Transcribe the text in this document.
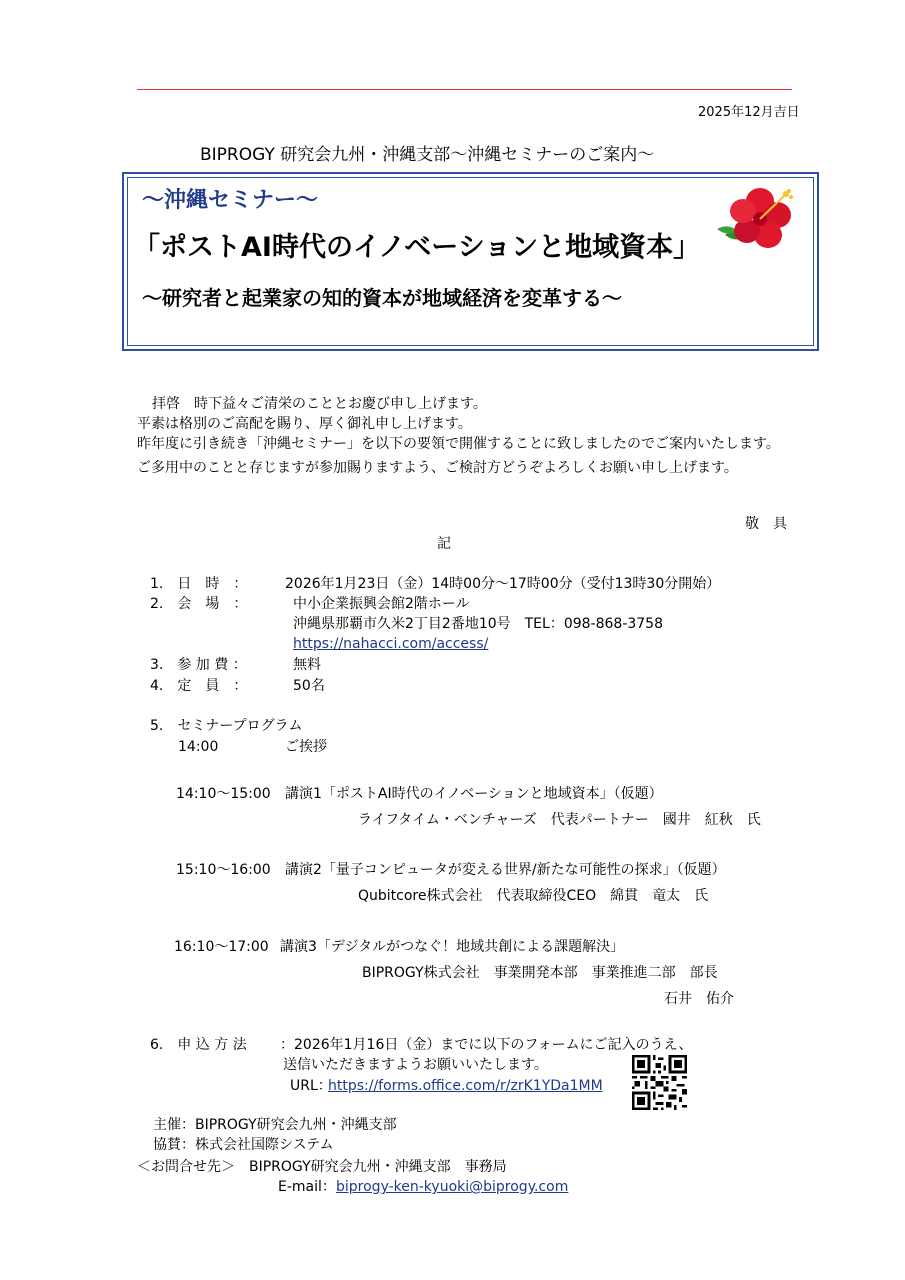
2025年12月吉日
BIPROGY 研究会九州・沖縄支部～沖縄セミナーのご案内～
～沖縄セミナー～
「ポストAI時代のイノベーションと地域資本」
～研究者と起業家の知的資本が地域経済を変革する～
拝啓　時下益々ご清栄のこととお慶び申し上げます。
平素は格別のご高配を賜り、厚く御礼申し上げます。
昨年度に引き続き「沖縄セミナー」を以下の要領で開催することに致しましたのでご案内いたします。
ご多用中のことと存じますが参加賜りますよう、ご検討方どうぞよろしくお願い申し上げます。
敬　具
記
1.　日　時　：	2026年1月23日（金）14時00分～17時00分（受付13時30分開始）
2.　会　場　：	中小企業振興会館2階ホール
沖縄県那覇市久米2丁目2番地10号　TEL：098-868-3758
https://nahacci.com/access/
3.　参 加 費 ：	無料
4.　定　員　：	50名
5.　セミナープログラム
14:00	ご挨拶
14:10～15:00 講演1「ポストAI時代のイノベーションと地域資本」（仮題）
ライフタイム・ベンチャーズ　代表パートナー　國井　紅秋　氏
15:10～16:00 講演2「量子コンピュータが変える世界/新たな可能性の探求」（仮題）
Qubitcore株式会社　代表取締役CEO　綿貫　竜太　氏
16:10～17:00 講演3「デジタルがつなぐ！地域共創による課題解決」
BIPROGY株式会社　事業開発本部　事業推進二部　部長
石井　佑介
6.　申 込 方 法 ：2026年1月16日（金）までに以下のフォームにご記入のうえ、
送信いただきますようお願いいたします。
URL：
https://forms.office.com/r/zrK1YDa1MM
主催：BIPROGY研究会九州・沖縄支部
協賛：株式会社国際システム
＜お問合せ先＞　BIPROGY研究会九州・沖縄支部　事務局
E-mail： biprogy-ken-kyuoki@biprogy.com
